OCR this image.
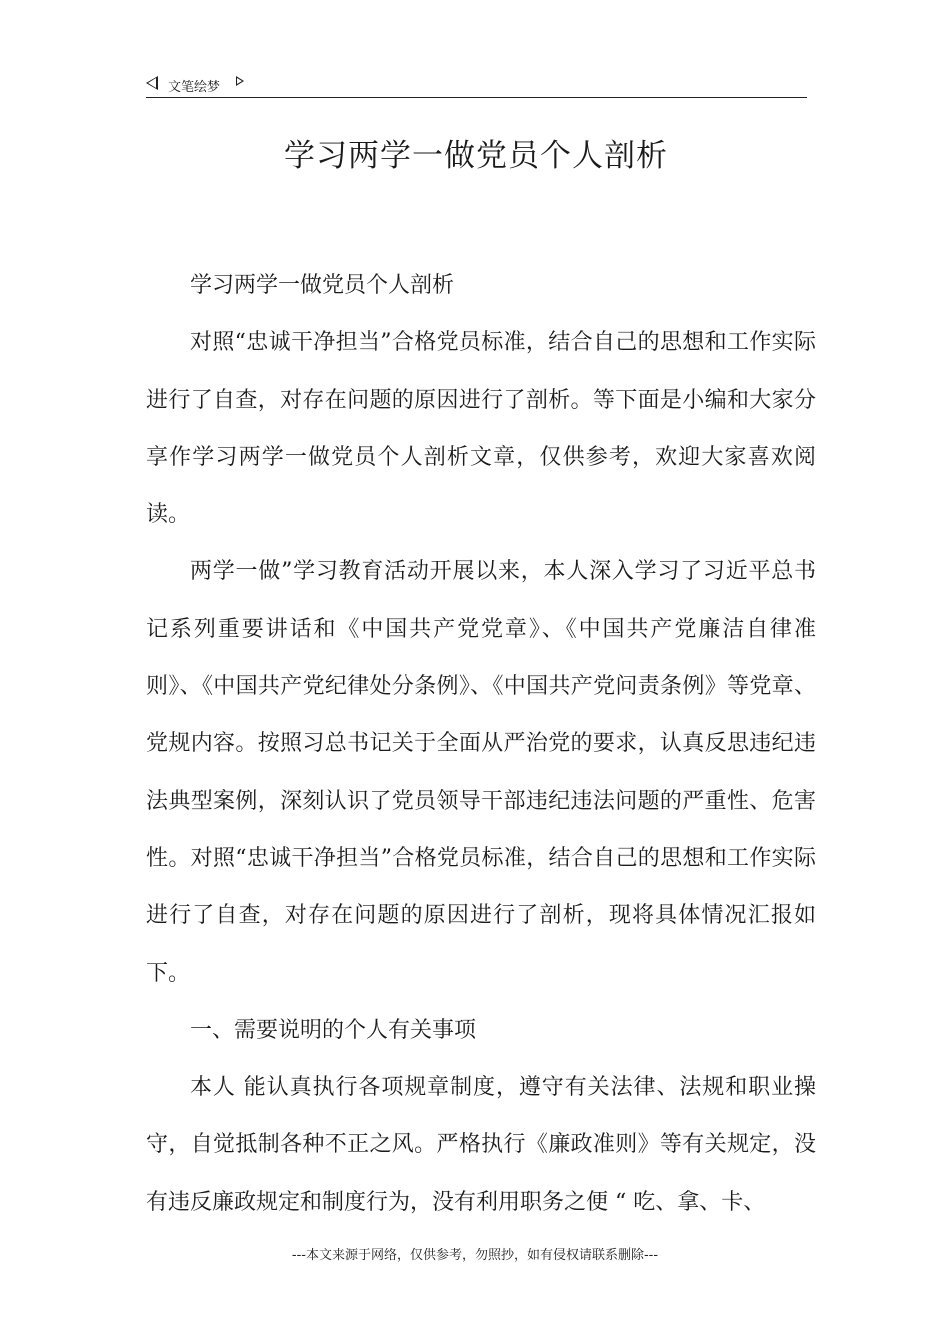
文笔绘梦
学习两学一做党员个人剖析

学习两学一做党员个人剖析

对照“忠诚干净担当”合格党员标准，结合自己的思想和工作实际进行了自查，对存在问题的原因进行了剖析。等下面是小编和大家分享作学习两学一做党员个人剖析文章，仅供参考，欢迎大家喜欢阅读。

两学一做”学习教育活动开展以来，本人深入学习了习近平总书记系列重要讲话和《中国共产党党章》、《中国共产党廉洁自律准则》、《中国共产党纪律处分条例》、《中国共产党问责条例》等党章、党规内容。按照习总书记关于全面从严治党的要求，认真反思违纪违法典型案例，深刻认识了党员领导干部违纪违法问题的严重性、危害性。对照“忠诚干净担当”合格党员标准，结合自己的思想和工作实际进行了自查，对存在问题的原因进行了剖析，现将具体情况汇报如下。

一、需要说明的个人有关事项

本人 能认真执行各项规章制度，遵守有关法律、法规和职业操守，自觉抵制各种不正之风。严格执行《廉政准则》等有关规定，没有违反廉政规定和制度行为，没有利用职务之便 “ 吃、拿、卡、

---本文来源于网络，仅供参考，勿照抄，如有侵权请联系删除---
